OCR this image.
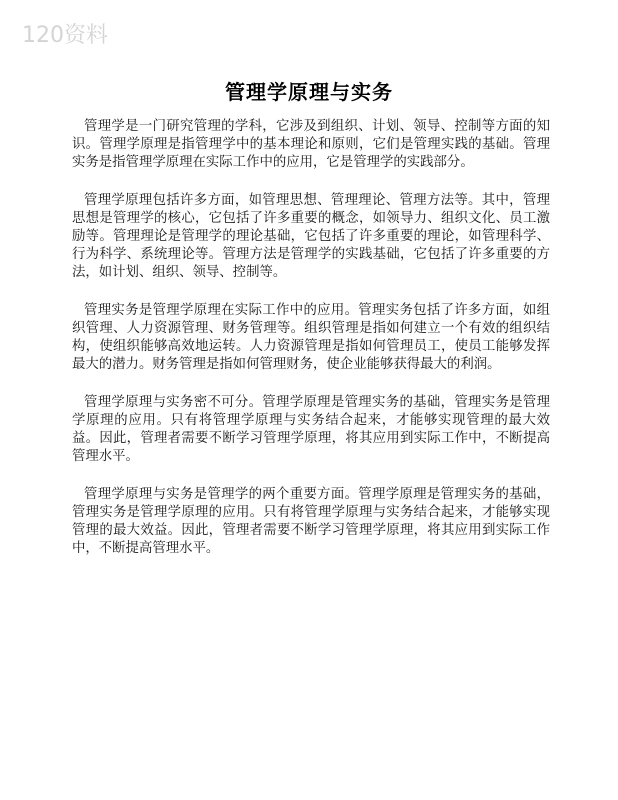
120资料
管理学原理与实务

管理学是一门研究管理的学科，它涉及到组织、计划、领导、控制等方面的知识。管理学原理是指管理学中的基本理论和原则，它们是管理实践的基础。管理实务是指管理学原理在实际工作中的应用，它是管理学的实践部分。

管理学原理包括许多方面，如管理思想、管理理论、管理方法等。其中，管理思想是管理学的核心，它包括了许多重要的概念，如领导力、组织文化、员工激励等。管理理论是管理学的理论基础，它包括了许多重要的理论，如管理科学、行为科学、系统理论等。管理方法是管理学的实践基础，它包括了许多重要的方法，如计划、组织、领导、控制等。

管理实务是管理学原理在实际工作中的应用。管理实务包括了许多方面，如组织管理、人力资源管理、财务管理等。组织管理是指如何建立一个有效的组织结构，使组织能够高效地运转。人力资源管理是指如何管理员工，使员工能够发挥最大的潜力。财务管理是指如何管理财务，使企业能够获得最大的利润。

管理学原理与实务密不可分。管理学原理是管理实务的基础，管理实务是管理学原理的应用。只有将管理学原理与实务结合起来，才能够实现管理的最大效益。因此，管理者需要不断学习管理学原理，将其应用到实际工作中，不断提高管理水平。

管理学原理与实务是管理学的两个重要方面。管理学原理是管理实务的基础，管理实务是管理学原理的应用。只有将管理学原理与实务结合起来，才能够实现管理的最大效益。因此，管理者需要不断学习管理学原理，将其应用到实际工作中，不断提高管理水平。
